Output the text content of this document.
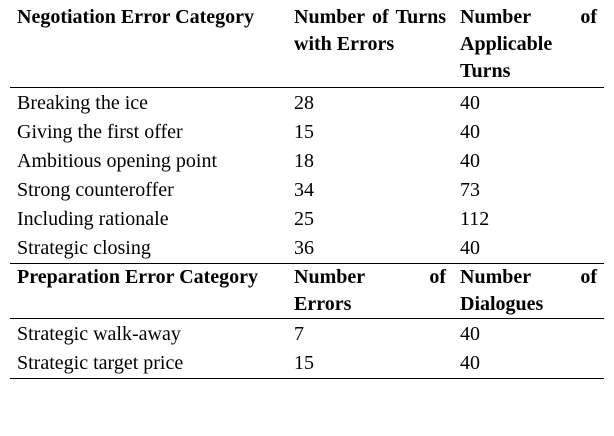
Negotiation Error Category	Number of Turns with Errors	Number of Applicable Turns
Breaking the ice	28	40
Giving the first offer	15	40
Ambitious opening point	18	40
Strong counteroffer	34	73
Including rationale	25	112
Strategic closing	36	40
Preparation Error Category	Number of Errors	Number of Dialogues
Strategic walk-away	7	40
Strategic target price	15	40
